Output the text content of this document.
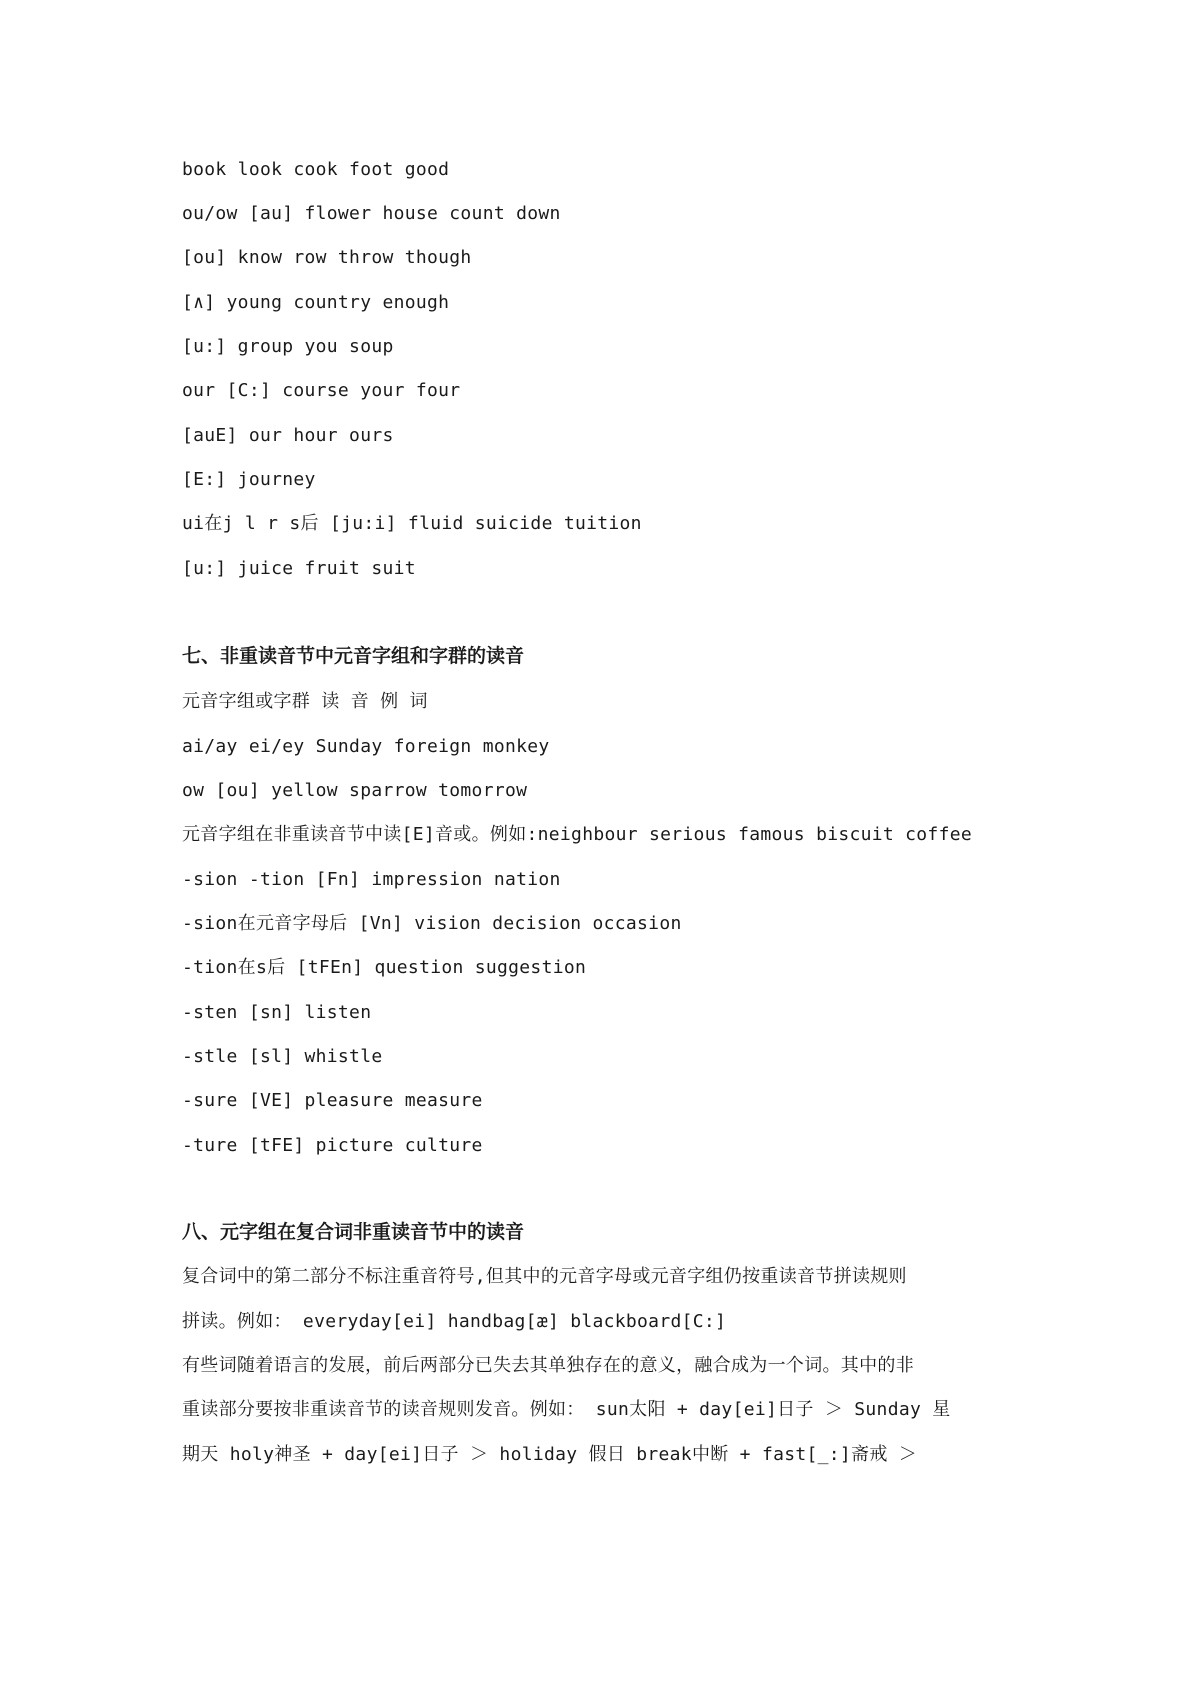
book look cook foot good
ou/ow [au] flower house count down
[ou] know row throw though
[∧] young country enough
[u:] group you soup
our [C:] course your four
[auE] our hour ours
[E:] journey
ui在j l r s后 [ju:i] fluid suicide tuition
[u:] juice fruit suit
七、非重读音节中元音字组和字群的读音
元音字组或字群 读 音 例 词
ai/ay ei/ey Sunday foreign monkey
ow [ou] yellow sparrow tomorrow
元音字组在非重读音节中读[E]音或。例如:neighbour serious famous biscuit coffee
-sion -tion [Fn] impression nation
-sion在元音字母后 [Vn] vision decision occasion
-tion在s后 [tFEn] question suggestion
-sten [sn] listen
-stle [sl] whistle
-sure [VE] pleasure measure
-ture [tFE] picture culture
八、元字组在复合词非重读音节中的读音
复合词中的第二部分不标注重音符号,但其中的元音字母或元音字组仍按重读音节拼读规则
拼读。例如： everyday[ei] handbag[æ] blackboard[C:]
有些词随着语言的发展，前后两部分已失去其单独存在的意义，融合成为一个词。其中的非
重读部分要按非重读音节的读音规则发音。例如： sun太阳 + day[ei]日子 ＞ Sunday 星
期天 holy神圣 + day[ei]日子 ＞ holiday 假日 break中断 + fast[_:]斋戒 ＞
